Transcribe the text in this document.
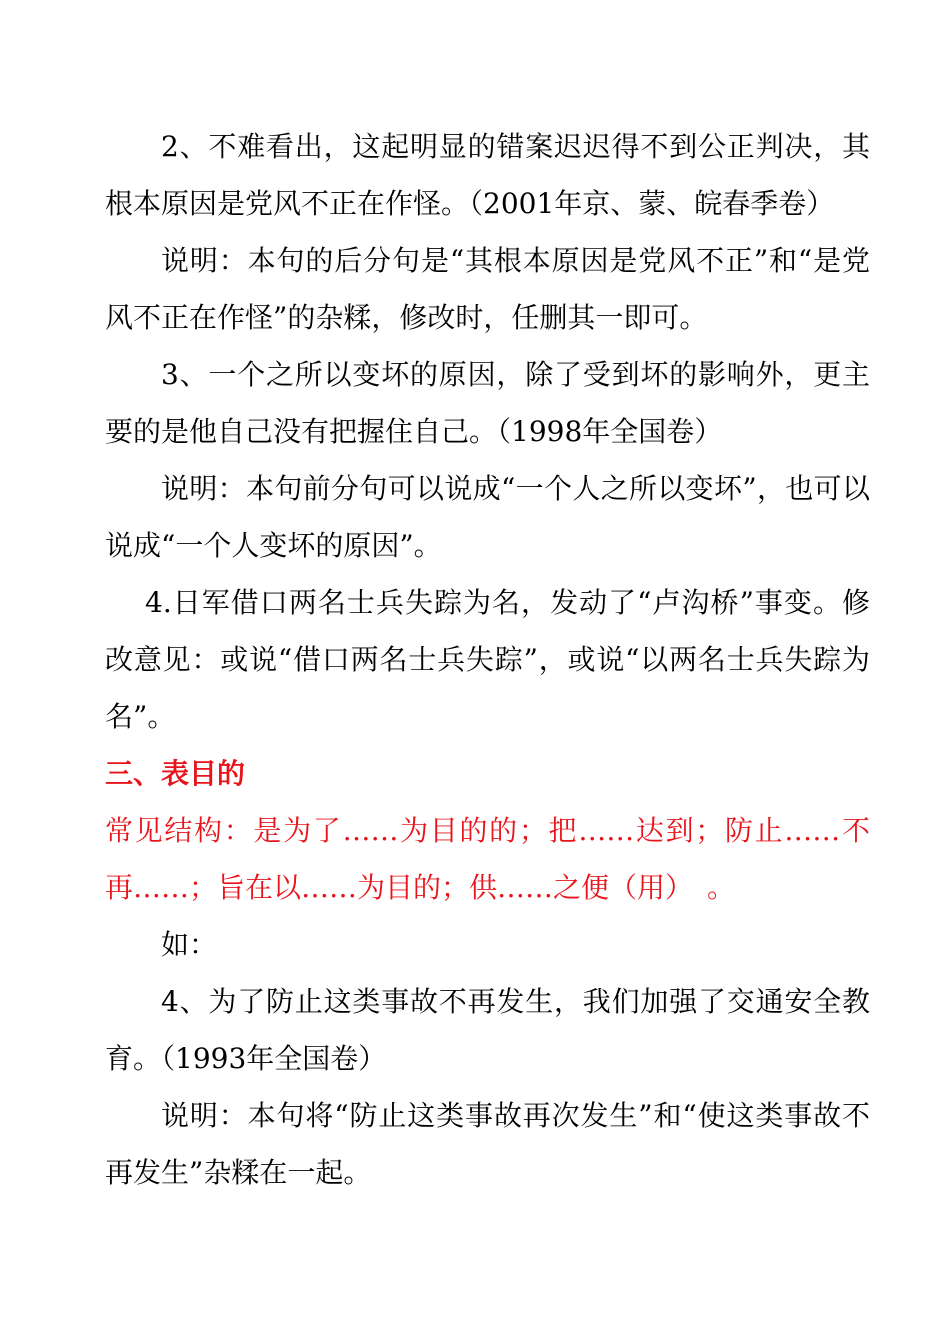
2、不难看出，这起明显的错案迟迟得不到公正判决，其根本原因是党风不正在作怪。（2001年京、蒙、皖春季卷）

说明：本句的后分句是“其根本原因是党风不正”和“是党风不正在作怪”的杂糅，修改时，任删其一即可。

3、一个之所以变坏的原因，除了受到坏的影响外，更主要的是他自己没有把握住自己。（1998年全国卷）

说明：本句前分句可以说成“一个人之所以变坏”，也可以说成“一个人变坏的原因”。

4.日军借口两名士兵失踪为名，发动了“卢沟桥”事变。修改意见：或说“借口两名士兵失踪”，或说“以两名士兵失踪为名”。

三、表目的

常见结构：是为了……为目的的；把……达到；防止……不再……；旨在以……为目的；供……之便（用）　。

如：

4、为了防止这类事故不再发生，我们加强了交通安全教育。（1993年全国卷）

说明：本句将“防止这类事故再次发生”和“使这类事故不再发生”杂糅在一起。
